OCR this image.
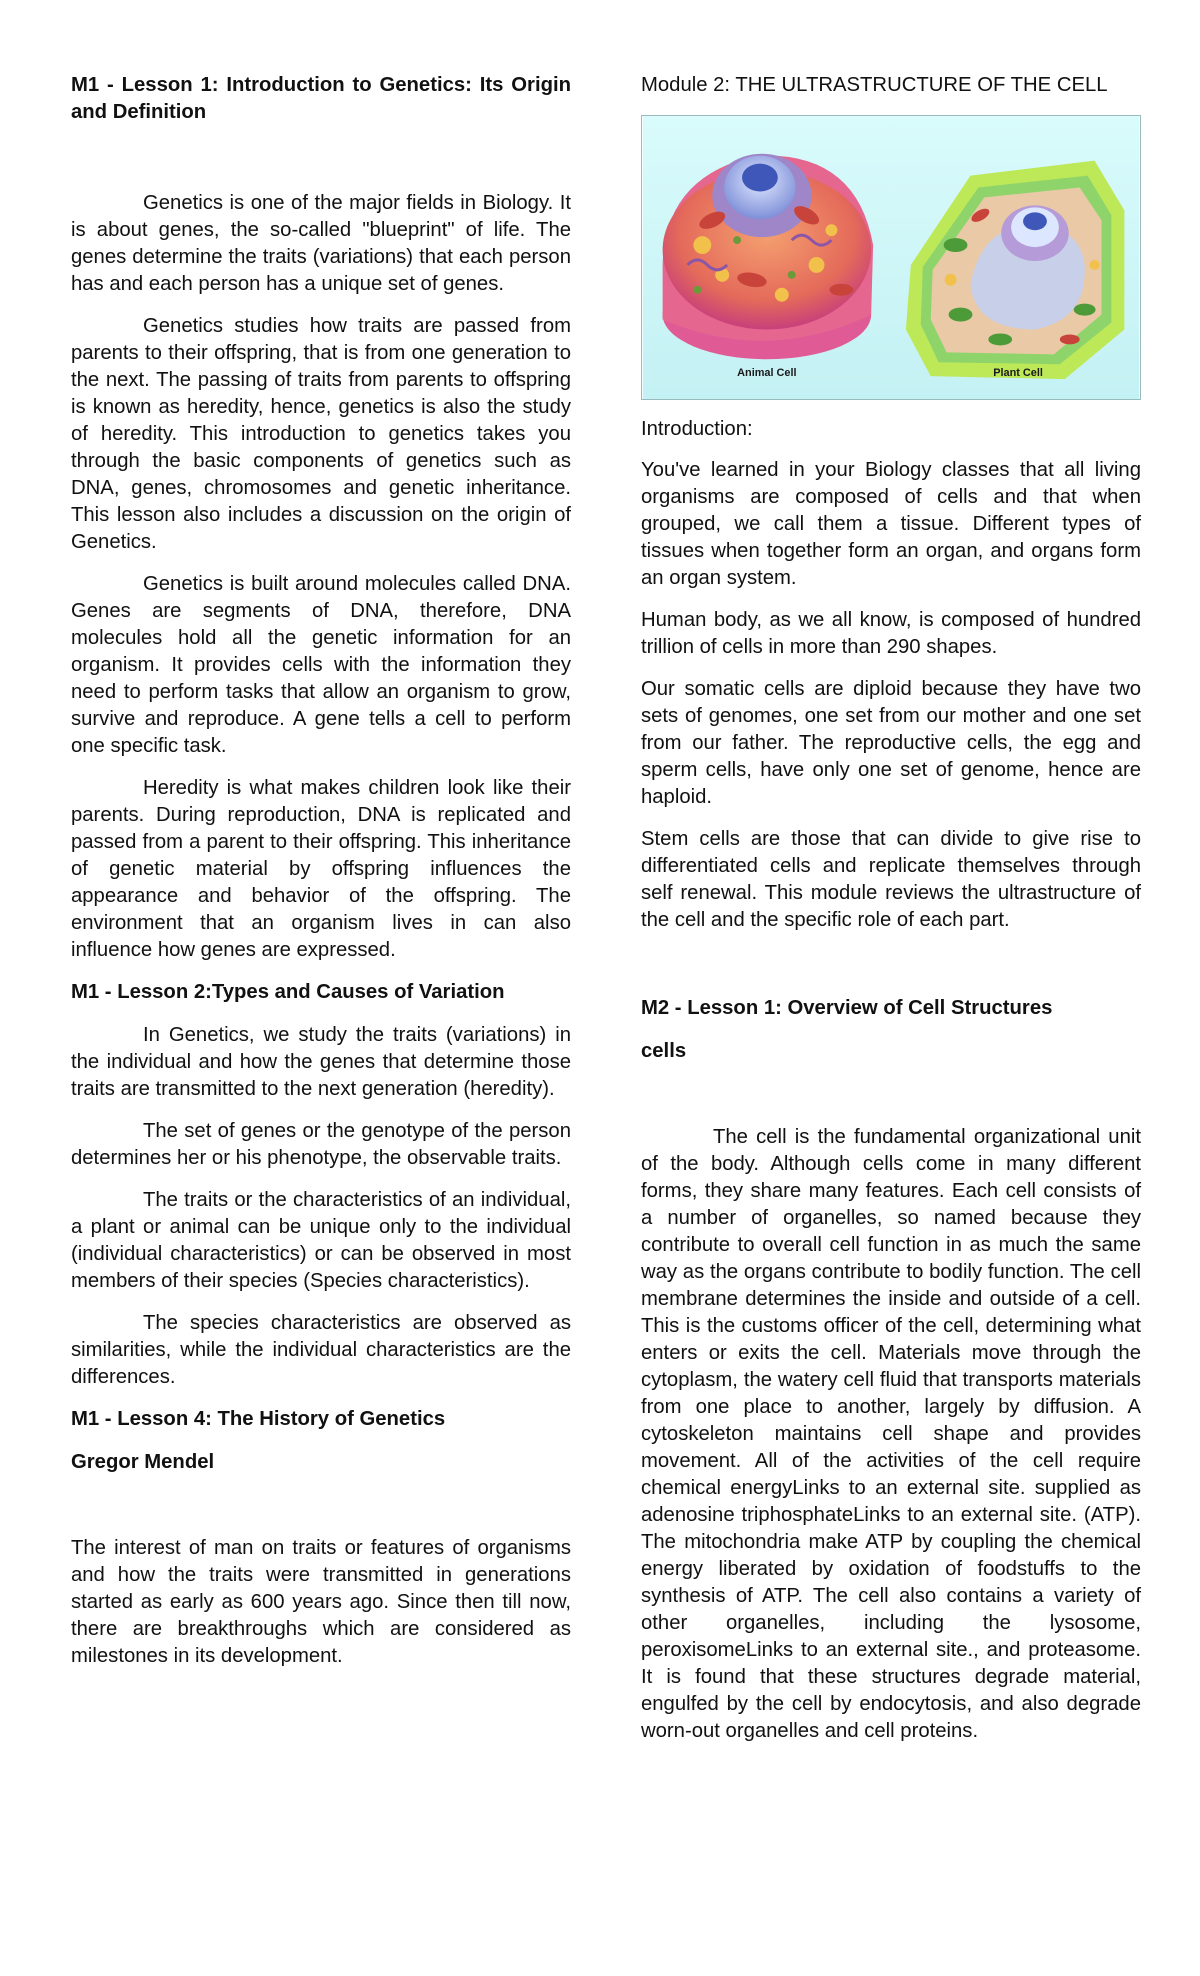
M1 - Lesson 1: Introduction to Genetics: Its Origin and Definition

Genetics is one of the major fields in Biology. It is about genes, the so-called "blueprint" of life. The genes determine the traits (variations) that each person has and each person has a unique set of genes.

Genetics studies how traits are passed from parents to their offspring, that is from one generation to the next. The passing of traits from parents to offspring is known as heredity, hence, genetics is also the study of heredity. This introduction to genetics takes you through the basic components of genetics such as DNA, genes, chromosomes and genetic inheritance. This lesson also includes a discussion on the origin of Genetics.

Genetics is built around molecules called DNA. Genes are segments of DNA, therefore, DNA molecules hold all the genetic information for an organism. It provides cells with the information they need to perform tasks that allow an organism to grow, survive and reproduce. A gene tells a cell to perform one specific task.

Heredity is what makes children look like their parents. During reproduction, DNA is replicated and passed from a parent to their offspring. This inheritance of genetic material by offspring influences the appearance and behavior of the offspring. The environment that an organism lives in can also influence how genes are expressed.

M1 - Lesson 2:Types and Causes of Variation

In Genetics, we study the traits (variations) in the individual and how the genes that determine those traits are transmitted to the next generation (heredity).

The set of genes or the genotype of the person determines her or his phenotype, the observable traits.

The traits or the characteristics of an individual, a plant or animal can be unique only to the individual (individual characteristics) or can be observed in most members of their species (Species characteristics).

The species characteristics are observed as similarities, while the individual characteristics are the differences.

M1 - Lesson 4: The History of Genetics
Gregor Mendel

The interest of man on traits or features of organisms and how the traits were transmitted in generations started as early as 600 years ago. Since then till now, there are breakthroughs which are considered as milestones in its development.

Module 2: THE ULTRASTRUCTURE OF THE CELL
Animal Cell	Plant Cell
Introduction:

You've learned in your Biology classes that all living organisms are composed of cells and that when grouped, we call them a tissue. Different types of tissues when together form an organ, and organs form an organ system.

Human body, as we all know, is composed of hundred trillion of cells in more than 290 shapes.

Our somatic cells are diploid because they have two sets of genomes, one set from our mother and one set from our father. The reproductive cells, the egg and sperm cells, have only one set of genome, hence are haploid.

Stem cells are those that can divide to give rise to differentiated cells and replicate themselves through self renewal. This module reviews the ultrastructure of the cell and the specific role of each part.

M2 - Lesson 1: Overview of Cell Structures
cells

The cell is the fundamental organizational unit of the body. Although cells come in many different forms, they share many features. Each cell consists of a number of organelles, so named because they contribute to overall cell function in as much the same way as the organs contribute to bodily function. The cell membrane determines the inside and outside of a cell. This is the customs officer of the cell, determining what enters or exits the cell. Materials move through the cytoplasm, the watery cell fluid that transports materials from one place to another, largely by diffusion. A cytoskeleton maintains cell shape and provides movement. All of the activities of the cell require chemical energyLinks to an external site. supplied as adenosine triphosphateLinks to an external site. (ATP). The mitochondria make ATP by coupling the chemical energy liberated by oxidation of foodstuffs to the synthesis of ATP. The cell also contains a variety of other organelles, including the lysosome, peroxisomeLinks to an external site., and proteasome. It is found that these structures degrade material, engulfed by the cell by endocytosis, and also degrade worn-out organelles and cell proteins.
